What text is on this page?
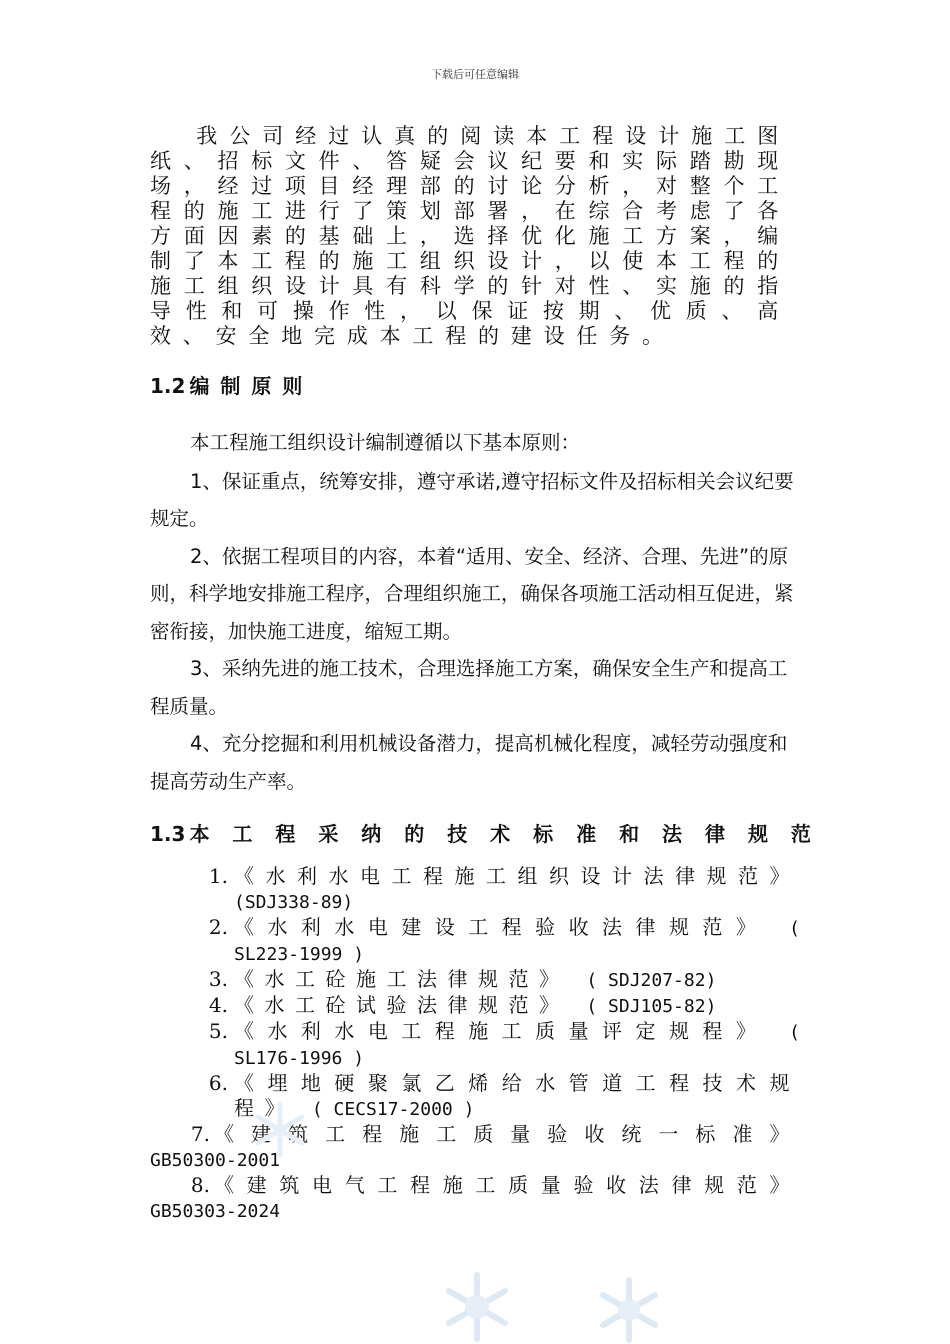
下载后可任意编辑
我公司经过认真的阅读本工程设计施工图纸、招标文件、答疑会议纪要和实际踏勘现场，经过项目经理部的讨论分析，对整个工程的施工进行了策划部署，在综合考虑了各方面因素的基础上，选择优化施工方案，编制了本工程的施工组织设计，以使本工程的施工组织设计具有科学的针对性、实施的指导性和可操作性，以保证按期、优质、高效、安全地完成本工程的建设任务。
1.2 编 制 原 则

本工程施工组织设计编制遵循以下基本原则：

1、保证重点，统筹安排，遵守承诺,遵守招标文件及招标相关会议纪要规定。

2、依据工程项目的内容，本着“适用、安全、经济、合理、先进”的原则，科学地安排施工程序，合理组织施工，确保各项施工活动相互促进，紧密衔接，加快施工进度，缩短工期。

3、采纳先进的施工技术，合理选择施工方案，确保安全生产和提高工程质量。

4、充分挖掘和利用机械设备潜力，提高机械化程度，减轻劳动强度和提高劳动生产率。

1.3 本 工 程 采 纳 的 技 术 标 准 和 法 律 规 范
1. 《水利水电工程施工组织设计法律规范》 (SDJ338-89)
2. 《水利水电建设工程验收法律规范》 ( SL223-1999 )
3. 《水工砼施工法律规范》 ( SDJ207-82)
4. 《水工砼试验法律规范》 ( SDJ105-82)
5. 《水利水电工程施工质量评定规程》 ( SL176-1996 )
6. 《埋地硬聚氯乙烯给水管道工程技术规程》 ( CECS17-2000 )
7. 《建筑工程施工质量验收统一标准》 GB50300-2001
8. 《建筑电气工程施工质量验收法律规范》 GB50303-2024
